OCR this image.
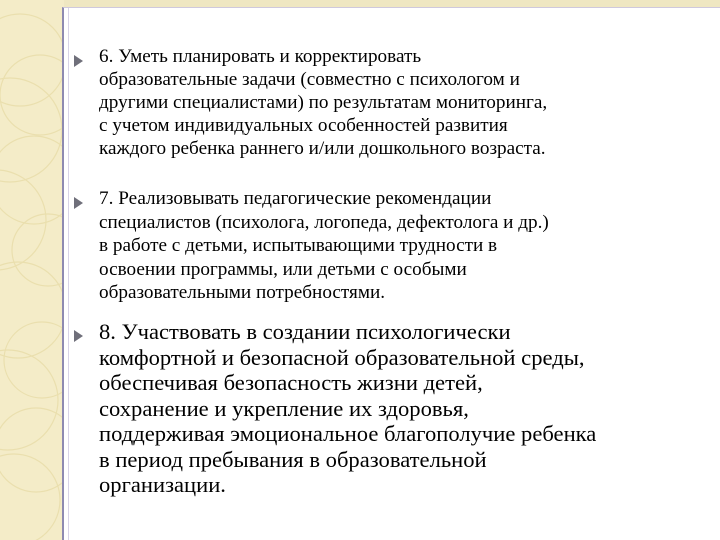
6. Уметь планировать и корректировать
образовательные задачи (совместно с психологом и
другими специалистами) по результатам мониторинга,
с учетом индивидуальных особенностей развития
каждого ребенка раннего и/или дошкольного возраста.
7. Реализовывать педагогические рекомендации
специалистов (психолога, логопеда, дефектолога и др.)
в работе с детьми, испытывающими трудности в
освоении программы, или детьми с особыми
образовательными потребностями.
8. Участвовать в создании психологически
комфортной и безопасной образовательной среды,
обеспечивая безопасность жизни детей,
сохранение и укрепление их здоровья,
поддерживая эмоциональное благополучие ребенка
в период пребывания в образовательной
организации.
